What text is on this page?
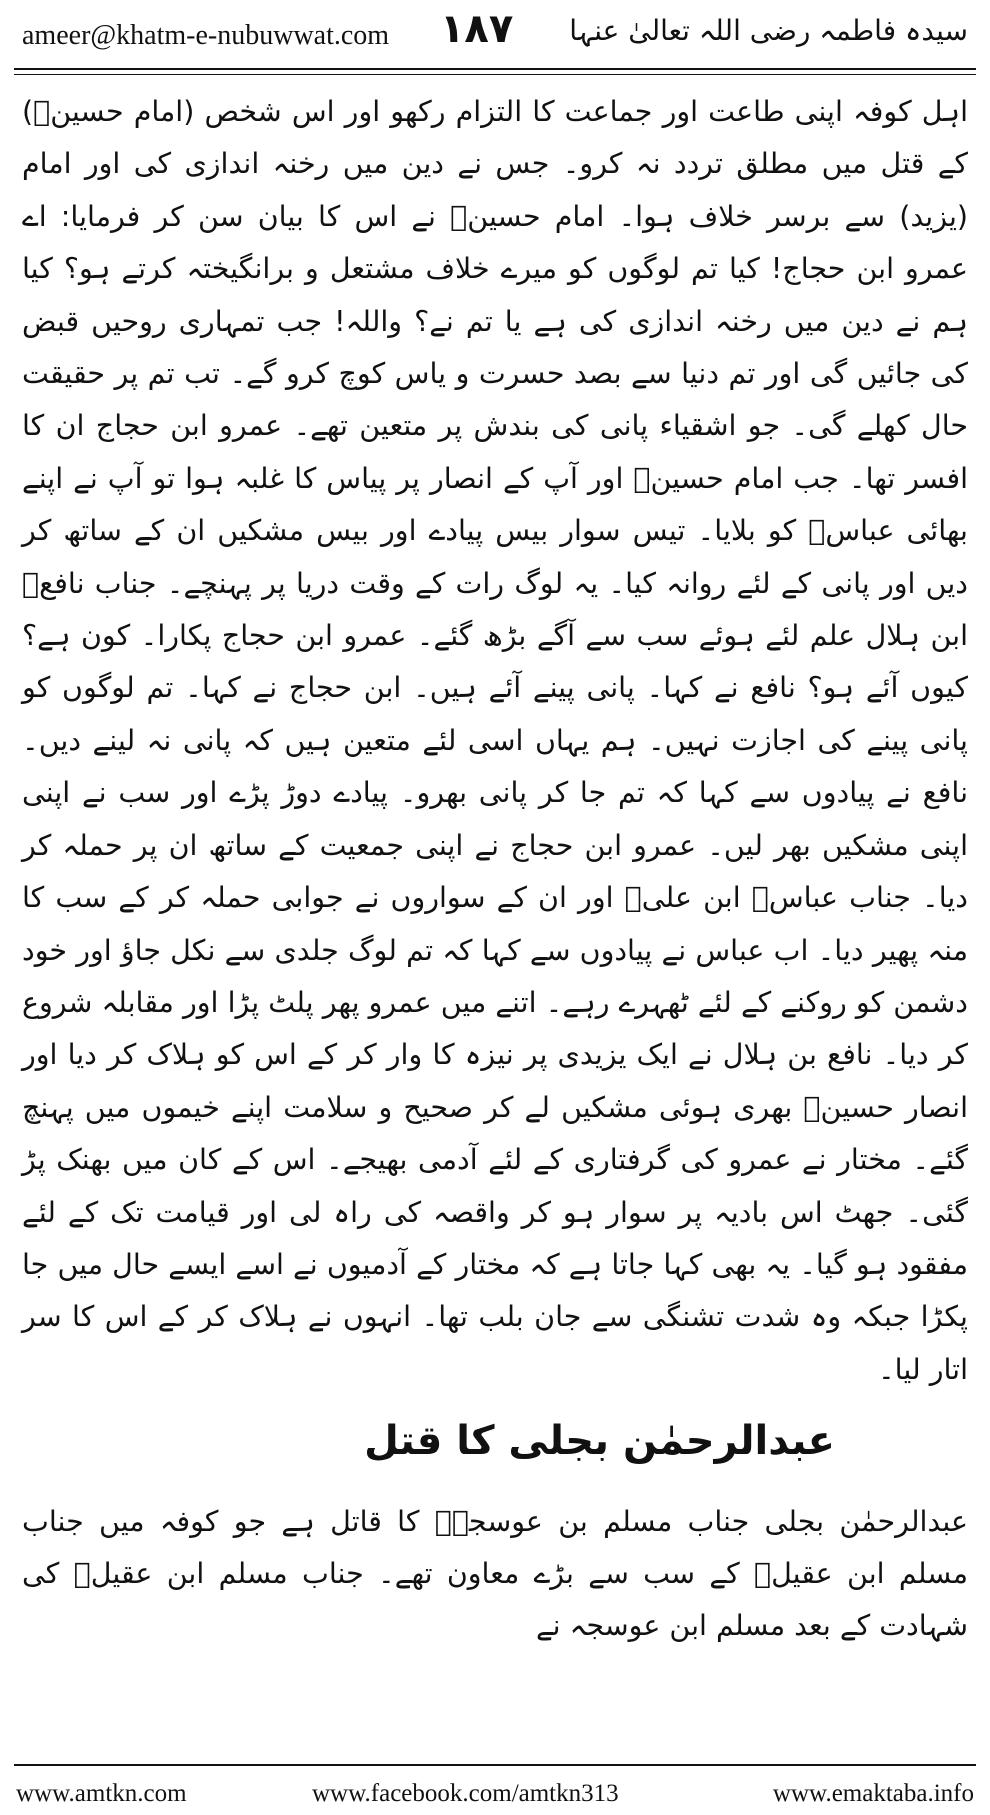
ameer@khatm-e-nubuwwat.com ۱۸۷ سیدہ فاطمہ رضی اللہ تعالیٰ عنہا

اہل کوفہ اپنی طاعت اور جماعت کا التزام رکھو اور اس شخص (امام حسینؓ) کے قتل میں مطلق تردد نہ کرو۔ جس نے دین میں رخنہ اندازی کی اور امام (یزید) سے برسر خلاف ہوا۔ امام حسینؓ نے اس کا بیان سن کر فرمایا: اے عمرو ابن حجاج! کیا تم لوگوں کو میرے خلاف مشتعل و برانگیختہ کرتے ہو؟ کیا ہم نے دین میں رخنہ اندازی کی ہے یا تم نے؟ واللہ! جب تمہاری روحیں قبض کی جائیں گی اور تم دنیا سے بصد حسرت و یاس کوچ کرو گے۔ تب تم پر حقیقت حال کھلے گی۔ جو اشقیاء پانی کی بندش پر متعین تھے۔ عمرو ابن حجاج ان کا افسر تھا۔ جب امام حسینؓ اور آپ کے انصار پر پیاس کا غلبہ ہوا تو آپ نے اپنے بھائی عباسؓ کو بلایا۔ تیس سوار بیس پیادے اور بیس مشکیں ان کے ساتھ کر دیں اور پانی کے لئے روانہ کیا۔ یہ لوگ رات کے وقت دریا پر پہنچے۔ جناب نافعؓ ابن ہلال علم لئے ہوئے سب سے آگے بڑھ گئے۔ عمرو ابن حجاج پکارا۔ کون ہے؟ کیوں آئے ہو؟ نافع نے کہا۔ پانی پینے آئے ہیں۔ ابن حجاج نے کہا۔ تم لوگوں کو پانی پینے کی اجازت نہیں۔ ہم یہاں اسی لئے متعین ہیں کہ پانی نہ لینے دیں۔ نافع نے پیادوں سے کہا کہ تم جا کر پانی بھرو۔ پیادے دوڑ پڑے اور سب نے اپنی اپنی مشکیں بھر لیں۔ عمرو ابن حجاج نے اپنی جمعیت کے ساتھ ان پر حملہ کر دیا۔ جناب عباسؓ ابن علیؓ اور ان کے سواروں نے جوابی حملہ کر کے سب کا منہ پھیر دیا۔ اب عباس نے پیادوں سے کہا کہ تم لوگ جلدی سے نکل جاؤ اور خود دشمن کو روکنے کے لئے ٹھہرے رہے۔ اتنے میں عمرو پھر پلٹ پڑا اور مقابلہ شروع کر دیا۔ نافع بن ہلال نے ایک یزیدی پر نیزہ کا وار کر کے اس کو ہلاک کر دیا اور انصار حسینؓ بھری ہوئی مشکیں لے کر صحیح و سلامت اپنے خیموں میں پہنچ گئے۔ مختار نے عمرو کی گرفتاری کے لئے آدمی بھیجے۔ اس کے کان میں بھنک پڑ گئی۔ جھٹ اس بادیہ پر سوار ہو کر واقصہ کی راہ لی اور قیامت تک کے لئے مفقود ہو گیا۔ یہ بھی کہا جاتا ہے کہ مختار کے آدمیوں نے اسے ایسے حال میں جا پکڑا جبکہ وہ شدت تشنگی سے جان بلب تھا۔ انہوں نے ہلاک کر کے اس کا سر اتار لیا۔

عبدالرحمٰن بجلی کا قتل

عبدالرحمٰن بجلی جناب مسلم بن عوسجہؓ کا قاتل ہے جو کوفہ میں جناب مسلم ابن عقیلؓ کے سب سے بڑے معاون تھے۔ جناب مسلم ابن عقیلؓ کی شہادت کے بعد مسلم ابن عوسجہ نے

www.amtkn.com	www.facebook.com/amtkn313	www.emaktaba.info
